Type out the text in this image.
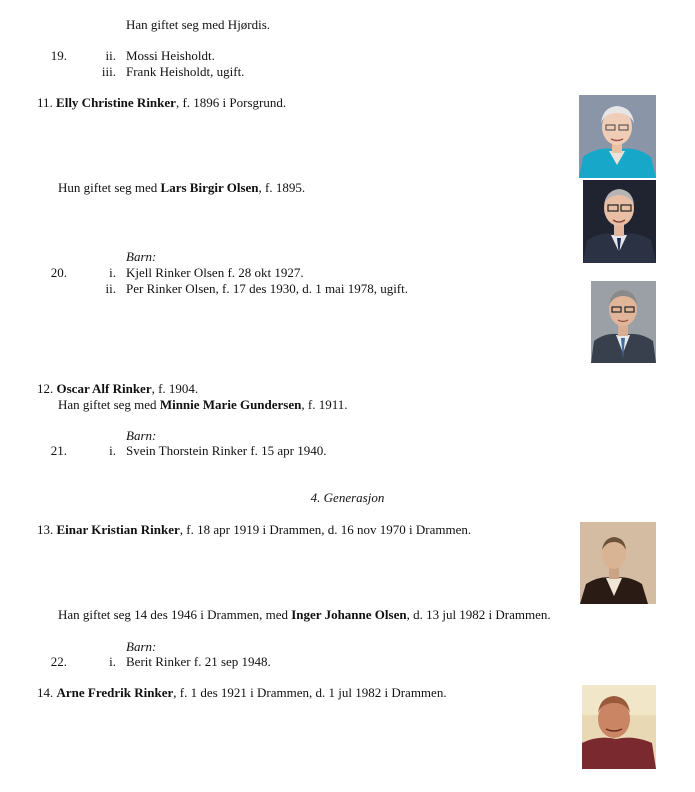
Han giftet seg med Hjørdis.
19.	ii. Mossi Heisholdt.
iii. Frank Heisholdt, ugift.
11. Elly Christine Rinker, f. 1896 i Porsgrund.
Hun giftet seg med Lars Birgir Olsen, f. 1895.
Barn:
20.	i. Kjell Rinker Olsen f. 28 okt 1927.
ii. Per Rinker Olsen, f. 17 des 1930, d. 1 mai 1978, ugift.
12. Oscar Alf Rinker, f. 1904.
Han giftet seg med Minnie Marie Gundersen, f. 1911.
Barn:
21.	i. Svein Thorstein Rinker f. 15 apr 1940.
4. Generasjon
13. Einar Kristian Rinker, f. 18 apr 1919 i Drammen, d. 16 nov 1970 i Drammen.
Han giftet seg 14 des 1946 i Drammen, med Inger Johanne Olsen, d. 13 jul 1982 i Drammen.
Barn:
22.	i. Berit Rinker f. 21 sep 1948.
14. Arne Fredrik Rinker, f. 1 des 1921 i Drammen, d. 1 jul 1982 i Drammen.
